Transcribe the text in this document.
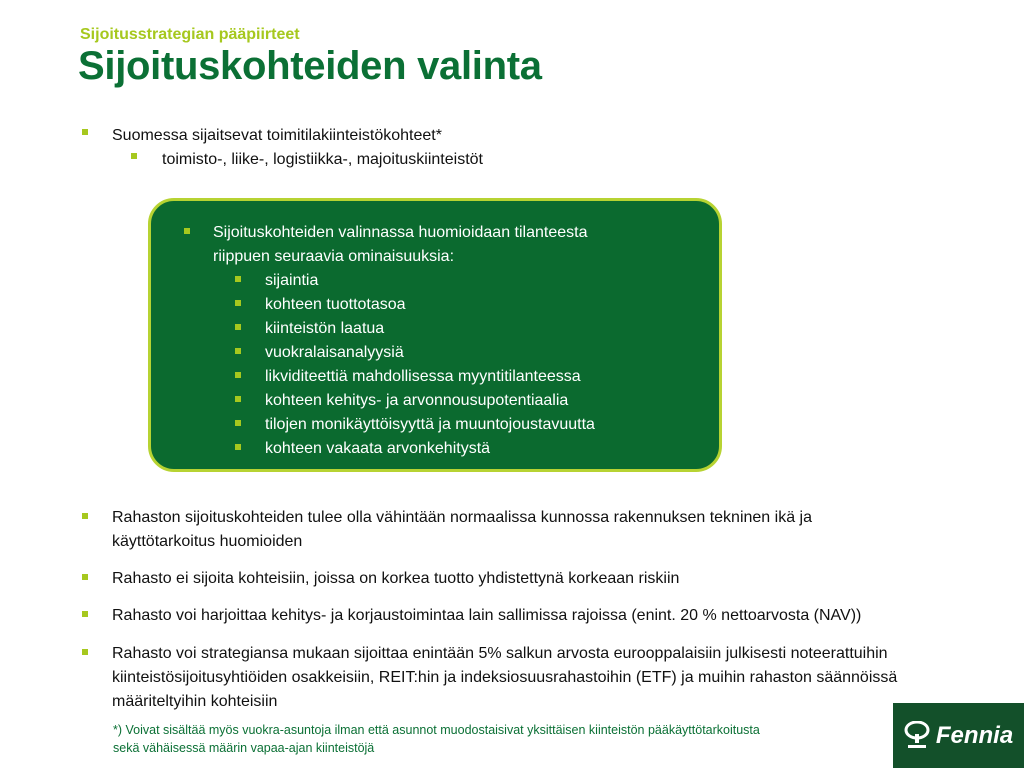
Sijoitusstrategian pääpiirteet
Sijoituskohteiden valinta
Suomessa sijaitsevat toimitilakiinteistökohteet*
toimisto-, liike-, logistiikka-, majoituskiinteistöt
Sijoituskohteiden valinnassa huomioidaan tilanteesta
riippuen seuraavia ominaisuuksia:
sijaintia
kohteen tuottotasoa
kiinteistön laatua
vuokralaisanalyysiä
likviditeettiä mahdollisessa myyntitilanteessa
kohteen kehitys- ja arvonnousupotentiaalia
tilojen monikäyttöisyyttä ja muuntojoustavuutta
kohteen vakaata arvonkehitystä
Rahaston sijoituskohteiden tulee olla vähintään normaalissa kunnossa rakennuksen tekninen ikä ja
käyttötarkoitus huomioiden
Rahasto ei sijoita kohteisiin, joissa on korkea tuotto yhdistettynä korkeaan riskiin
Rahasto voi harjoittaa kehitys- ja korjaustoimintaa lain sallimissa rajoissa (enint. 20 % nettoarvosta (NAV))
Rahasto voi strategiansa mukaan sijoittaa enintään 5% salkun arvosta eurooppalaisiin julkisesti noteerattuihin
kiinteistösijoitusyhtiöiden osakkeisiin, REIT:hin ja indeksiosuusrahastoihin (ETF) ja muihin rahaston säännöissä
määriteltyihin kohteisiin
*) Voivat sisältää myös vuokra-asuntoja ilman että asunnot muodostaisivat yksittäisen kiinteistön pääkäyttötarkoitusta
sekä vähäisessä määrin vapaa-ajan kiinteistöjä	Fennia
